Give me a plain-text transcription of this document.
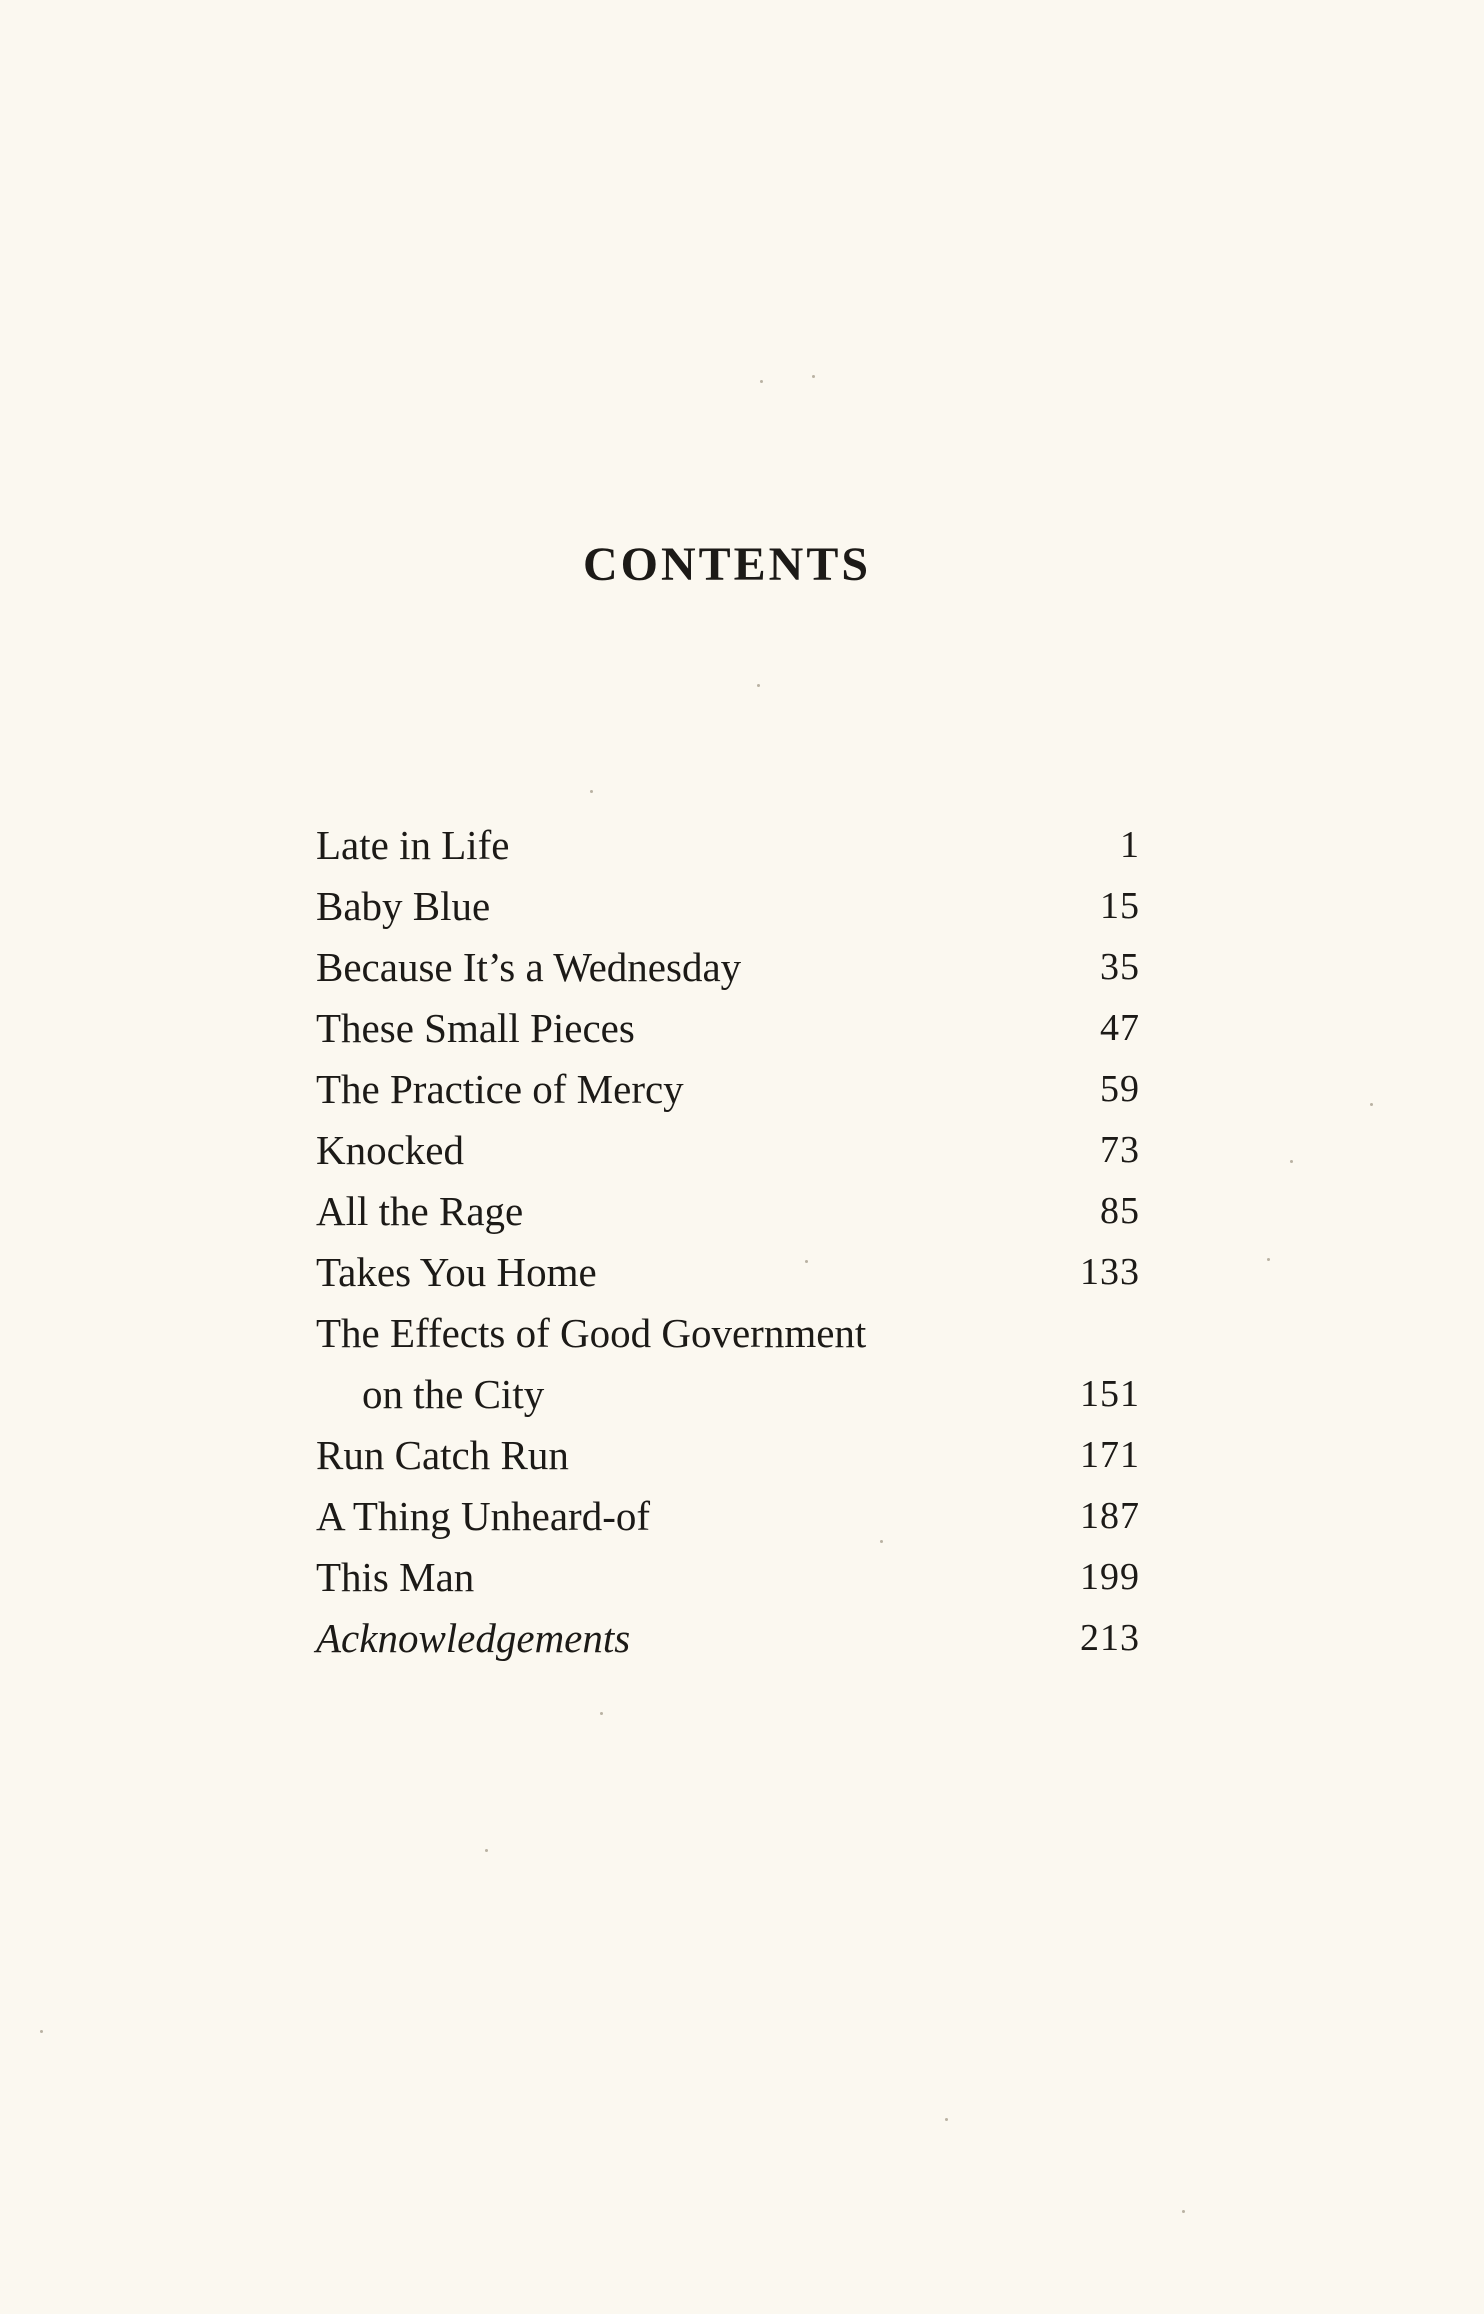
CONTENTS
Late in Life	1
Baby Blue	15
Because It’s a Wednesday	35
These Small Pieces	47
The Practice of Mercy	59
Knocked	73
All the Rage	85
Takes You Home	133
The Effects of Good Government
on the City	151
Run Catch Run	171
A Thing Unheard-of	187
This Man	199
Acknowledgements	213
